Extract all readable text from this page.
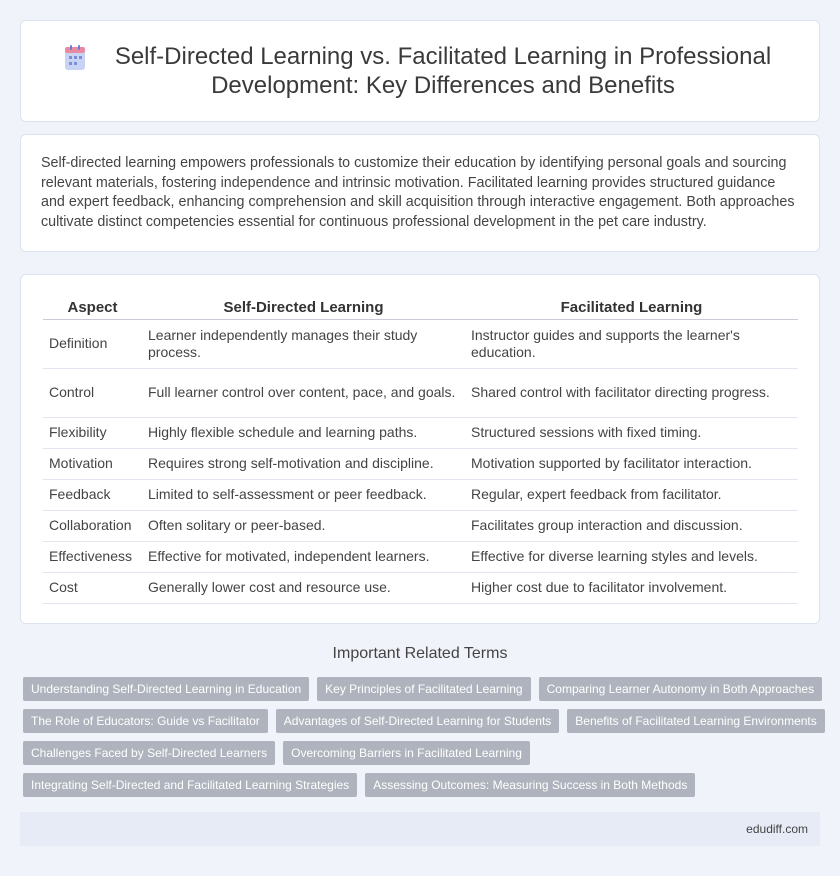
Self-Directed Learning vs. Facilitated Learning in Professional Development: Key Differences and Benefits

Self-directed learning empowers professionals to customize their education by identifying personal goals and sourcing relevant materials, fostering independence and intrinsic motivation. Facilitated learning provides structured guidance and expert feedback, enhancing comprehension and skill acquisition through interactive engagement. Both approaches cultivate distinct competencies essential for continuous professional development in the pet care industry.

Aspect	Self-Directed Learning	Facilitated Learning
Definition	Learner independently manages their study process.	Instructor guides and supports the learner's education.
Control	Full learner control over content, pace, and goals.	Shared control with facilitator directing progress.
Flexibility	Highly flexible schedule and learning paths.	Structured sessions with fixed timing.
Motivation	Requires strong self-motivation and discipline.	Motivation supported by facilitator interaction.
Feedback	Limited to self-assessment or peer feedback.	Regular, expert feedback from facilitator.
Collaboration	Often solitary or peer-based.	Facilitates group interaction and discussion.
Effectiveness	Effective for motivated, independent learners.	Effective for diverse learning styles and levels.
Cost	Generally lower cost and resource use.	Higher cost due to facilitator involvement.
Important Related Terms
Understanding Self-Directed Learning in Education	Key Principles of Facilitated Learning	Comparing Learner Autonomy in Both Approaches
The Role of Educators: Guide vs Facilitator	Advantages of Self-Directed Learning for Students	Benefits of Facilitated Learning Environments
Challenges Faced by Self-Directed Learners	Overcoming Barriers in Facilitated Learning
Integrating Self-Directed and Facilitated Learning Strategies	Assessing Outcomes: Measuring Success in Both Methods
edudiff.com
